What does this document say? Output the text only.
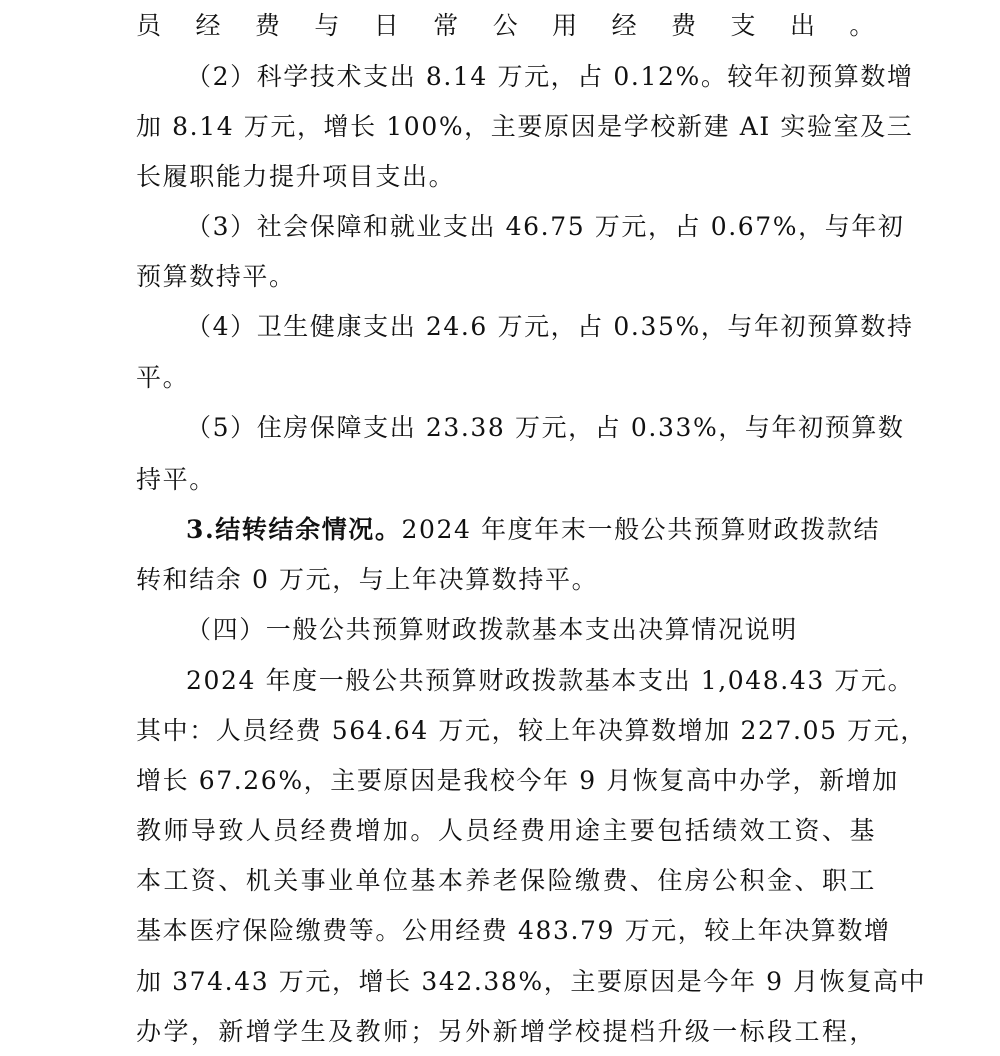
员经费与日常公用经费支出。
（2）科学技术支出 8.14 万元，占 0.12%。较年初预算数增
加 8.14 万元，增长 100%，主要原因是学校新建 AI 实验室及三
长履职能力提升项目支出。
（3）社会保障和就业支出 46.75 万元，占 0.67%，与年初
预算数持平。
（4）卫生健康支出 24.6 万元，占 0.35%，与年初预算数持
平。
（5）住房保障支出 23.38 万元，占 0.33%，与年初预算数
持平。
3.结转结余情况。2024 年度年末一般公共预算财政拨款结
转和结余 0 万元，与上年决算数持平。
（四）一般公共预算财政拨款基本支出决算情况说明
2024 年度一般公共预算财政拨款基本支出 1,048.43 万元。
其中：人员经费 564.64 万元，较上年决算数增加 227.05 万元，
增长 67.26%，主要原因是我校今年 9 月恢复高中办学，新增加
教师导致人员经费增加。人员经费用途主要包括绩效工资、基
本工资、机关事业单位基本养老保险缴费、住房公积金、职工
基本医疗保险缴费等。公用经费 483.79 万元，较上年决算数增
加 374.43 万元，增长 342.38%，主要原因是今年 9 月恢复高中
办学，新增学生及教师；另外新增学校提档升级一标段工程，
